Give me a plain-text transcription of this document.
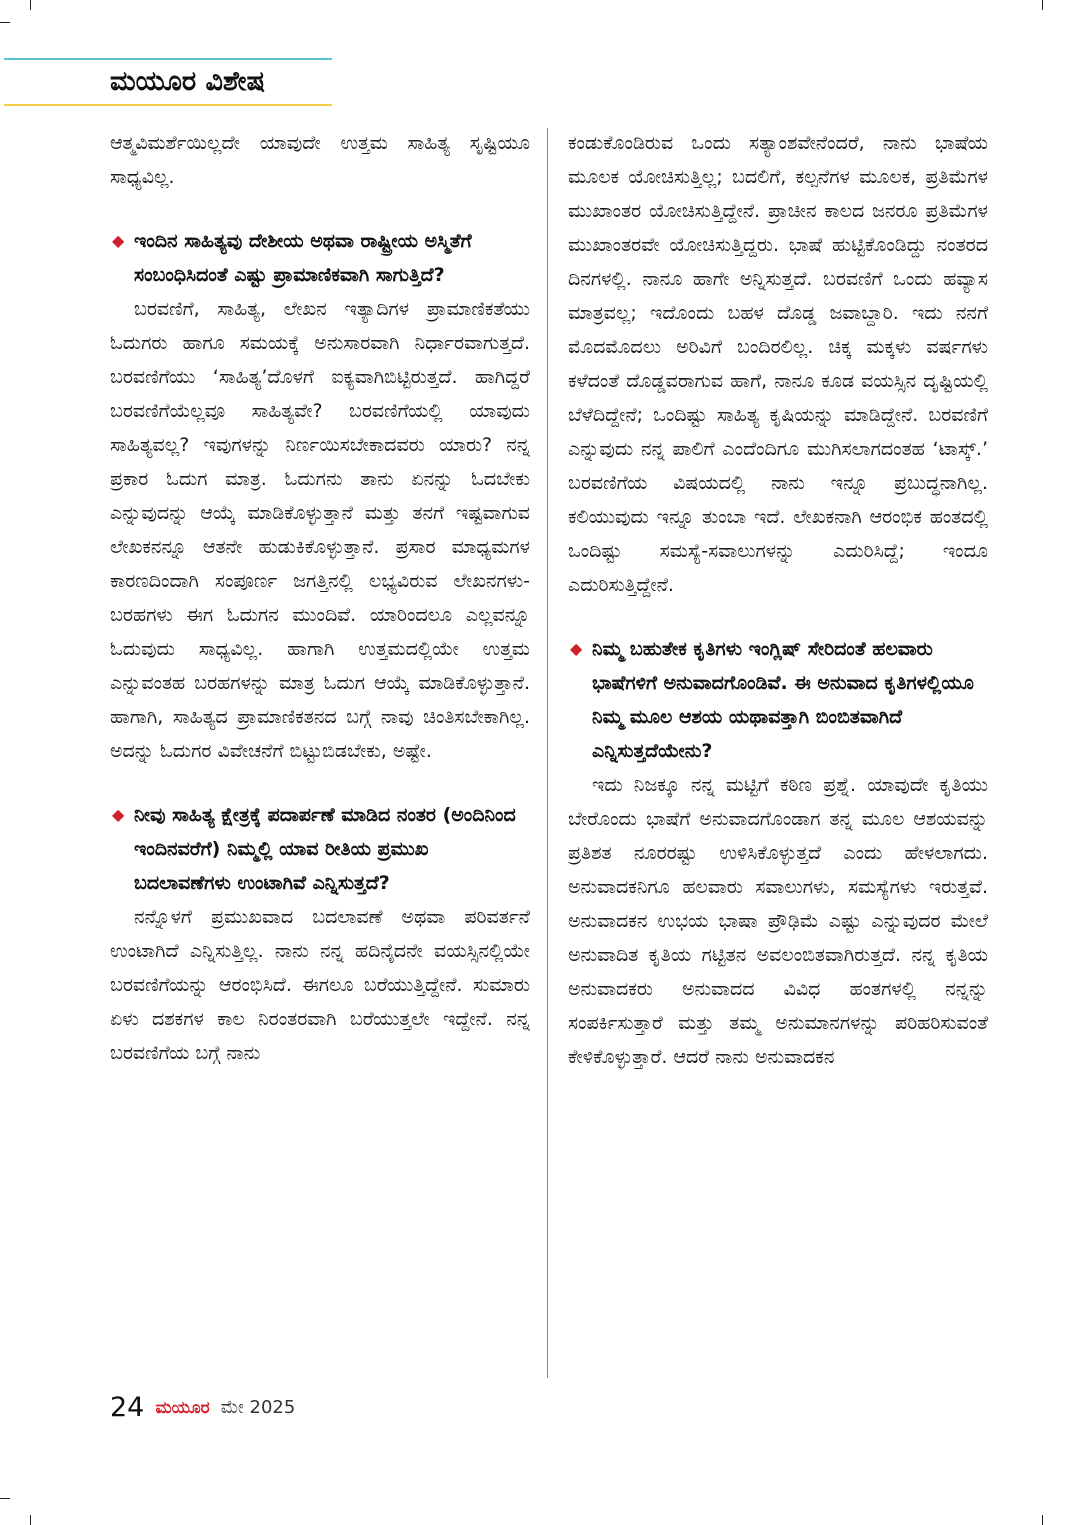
ಮಯೂರ ವಿಶೇಷ

ಆತ್ಮವಿಮರ್ಶೆಯಿಲ್ಲದೇ ಯಾವುದೇ ಉತ್ತಮ ಸಾಹಿತ್ಯ ಸೃಷ್ಟಿಯೂ ಸಾಧ್ಯವಿಲ್ಲ.

◆ ಇಂದಿನ ಸಾಹಿತ್ಯವು ದೇಶೀಯ ಅಥವಾ ರಾಷ್ಟ್ರೀಯ ಅಸ್ಮಿತೆಗೆ ಸಂಬಂಧಿಸಿದಂತೆ ಎಷ್ಟು ಪ್ರಾಮಾಣಿಕವಾಗಿ ಸಾಗುತ್ತಿದೆ?

ಬರವಣಿಗೆ, ಸಾಹಿತ್ಯ, ಲೇಖನ ಇತ್ಯಾದಿಗಳ ಪ್ರಾಮಾಣಿಕತೆಯು ಓದುಗರು ಹಾಗೂ ಸಮಯಕ್ಕೆ ಅನುಸಾರವಾಗಿ ನಿರ್ಧಾರವಾಗುತ್ತದೆ. ಬರವಣಿಗೆಯು ‘ಸಾಹಿತ್ಯ’ದೊಳಗೆ ಐಕ್ಯವಾಗಿಬಿಟ್ಟಿರುತ್ತದೆ. ಹಾಗಿದ್ದರೆ ಬರವಣಿಗೆಯೆಲ್ಲವೂ ಸಾಹಿತ್ಯವೇ? ಬರವಣಿಗೆಯಲ್ಲಿ ಯಾವುದು ಸಾಹಿತ್ಯವಲ್ಲ? ಇವುಗಳನ್ನು ನಿರ್ಣಯಿಸಬೇಕಾದವರು ಯಾರು? ನನ್ನ ಪ್ರಕಾರ ಓದುಗ ಮಾತ್ರ. ಓದುಗನು ತಾನು ಏನನ್ನು ಓದಬೇಕು ಎನ್ನುವುದನ್ನು ಆಯ್ಕೆ ಮಾಡಿಕೊಳ್ಳುತ್ತಾನೆ ಮತ್ತು ತನಗೆ ಇಷ್ಟವಾಗುವ ಲೇಖಕನನ್ನೂ ಆತನೇ ಹುಡುಕಿಕೊಳ್ಳುತ್ತಾನೆ. ಪ್ರಸಾರ ಮಾಧ್ಯಮಗಳ ಕಾರಣದಿಂದಾಗಿ ಸಂಪೂರ್ಣ ಜಗತ್ತಿನಲ್ಲಿ ಲಭ್ಯವಿರುವ ಲೇಖನಗಳು-ಬರಹಗಳು ಈಗ ಓದುಗನ ಮುಂದಿವೆ. ಯಾರಿಂದಲೂ ಎಲ್ಲವನ್ನೂ ಓದುವುದು ಸಾಧ್ಯವಿಲ್ಲ. ಹಾಗಾಗಿ ಉತ್ತಮದಲ್ಲಿಯೇ ಉತ್ತಮ ಎನ್ನುವಂತಹ ಬರಹಗಳನ್ನು ಮಾತ್ರ ಓದುಗ ಆಯ್ಕೆ ಮಾಡಿಕೊಳ್ಳುತ್ತಾನೆ. ಹಾಗಾಗಿ, ಸಾಹಿತ್ಯದ ಪ್ರಾಮಾಣಿಕತನದ ಬಗ್ಗೆ ನಾವು ಚಿಂತಿಸಬೇಕಾಗಿಲ್ಲ. ಅದನ್ನು ಓದುಗರ ವಿವೇಚನೆಗೆ ಬಿಟ್ಟುಬಿಡಬೇಕು, ಅಷ್ಟೇ.

◆ ನೀವು ಸಾಹಿತ್ಯ ಕ್ಷೇತ್ರಕ್ಕೆ ಪದಾರ್ಪಣೆ ಮಾಡಿದ ನಂತರ (ಅಂದಿನಿಂದ ಇಂದಿನವರೆಗೆ) ನಿಮ್ಮಲ್ಲಿ ಯಾವ ರೀತಿಯ ಪ್ರಮುಖ ಬದಲಾವಣೆಗಳು ಉಂಟಾಗಿವೆ ಎನ್ನಿಸುತ್ತದೆ?

ನನ್ನೊಳಗೆ ಪ್ರಮುಖವಾದ ಬದಲಾವಣೆ ಅಥವಾ ಪರಿವರ್ತನೆ ಉಂಟಾಗಿದೆ ಎನ್ನಿಸುತ್ತಿಲ್ಲ. ನಾನು ನನ್ನ ಹದಿನೈದನೇ ವಯಸ್ಸಿನಲ್ಲಿಯೇ ಬರವಣಿಗೆಯನ್ನು ಆರಂಭಿಸಿದೆ. ಈಗಲೂ ಬರೆಯುತ್ತಿದ್ದೇನೆ. ಸುಮಾರು ಏಳು ದಶಕಗಳ ಕಾಲ ನಿರಂತರವಾಗಿ ಬರೆಯುತ್ತಲೇ ಇದ್ದೇನೆ. ನನ್ನ ಬರವಣಿಗೆಯ ಬಗ್ಗೆ ನಾನು

ಕಂಡುಕೊಂಡಿರುವ ಒಂದು ಸತ್ಯಾಂಶವೇನೆಂದರೆ, ನಾನು ಭಾಷೆಯ ಮೂಲಕ ಯೋಚಿಸುತ್ತಿಲ್ಲ; ಬದಲಿಗೆ, ಕಲ್ಪನೆಗಳ ಮೂಲಕ, ಪ್ರತಿಮೆಗಳ ಮುಖಾಂತರ ಯೋಚಿಸುತ್ತಿದ್ದೇನೆ. ಪ್ರಾಚೀನ ಕಾಲದ ಜನರೂ ಪ್ರತಿಮೆಗಳ ಮುಖಾಂತರವೇ ಯೋಚಿಸುತ್ತಿದ್ದರು. ಭಾಷೆ ಹುಟ್ಟಿಕೊಂಡಿದ್ದು ನಂತರದ ದಿನಗಳಲ್ಲಿ. ನಾನೂ ಹಾಗೇ ಅನ್ನಿಸುತ್ತದೆ. ಬರವಣಿಗೆ ಒಂದು ಹವ್ಯಾಸ ಮಾತ್ರವಲ್ಲ; ಇದೊಂದು ಬಹಳ ದೊಡ್ಡ ಜವಾಬ್ದಾರಿ. ಇದು ನನಗೆ ಮೊದಮೊದಲು ಅರಿವಿಗೆ ಬಂದಿರಲಿಲ್ಲ. ಚಿಕ್ಕ ಮಕ್ಕಳು ವರ್ಷಗಳು ಕಳೆದಂತೆ ದೊಡ್ಡವರಾಗುವ ಹಾಗೆ, ನಾನೂ ಕೂಡ ವಯಸ್ಸಿನ ದೃಷ್ಟಿಯಲ್ಲಿ ಬೆಳೆದಿದ್ದೇನೆ; ಒಂದಿಷ್ಟು ಸಾಹಿತ್ಯ ಕೃಷಿಯನ್ನು ಮಾಡಿದ್ದೇನೆ. ಬರವಣಿಗೆ ಎನ್ನುವುದು ನನ್ನ ಪಾಲಿಗೆ ಎಂದೆಂದಿಗೂ ಮುಗಿಸಲಾಗದಂತಹ ‘ಟಾಸ್ಕ್.’ ಬರವಣಿಗೆಯ ವಿಷಯದಲ್ಲಿ ನಾನು ಇನ್ನೂ ಪ್ರಬುದ್ಧನಾಗಿಲ್ಲ. ಕಲಿಯುವುದು ಇನ್ನೂ ತುಂಬಾ ಇದೆ. ಲೇಖಕನಾಗಿ ಆರಂಭಿಕ ಹಂತದಲ್ಲಿ ಒಂದಿಷ್ಟು ಸಮಸ್ಯೆ-ಸವಾಲುಗಳನ್ನು ಎದುರಿಸಿದ್ದೆ; ಇಂದೂ ಎದುರಿಸುತ್ತಿದ್ದೇನೆ.

◆ ನಿಮ್ಮ ಬಹುತೇಕ ಕೃತಿಗಳು ಇಂಗ್ಲಿಷ್ ಸೇರಿದಂತೆ ಹಲವಾರು ಭಾಷೆಗಳಿಗೆ ಅನುವಾದಗೊಂಡಿವೆ. ಈ ಅನುವಾದ ಕೃತಿಗಳಲ್ಲಿಯೂ ನಿಮ್ಮ ಮೂಲ ಆಶಯ ಯಥಾವತ್ತಾಗಿ ಬಿಂಬಿತವಾಗಿದೆ ಎನ್ನಿಸುತ್ತದೆಯೇನು?

ಇದು ನಿಜಕ್ಕೂ ನನ್ನ ಮಟ್ಟಿಗೆ ಕಠಿಣ ಪ್ರಶ್ನೆ. ಯಾವುದೇ ಕೃತಿಯು ಬೇರೊಂದು ಭಾಷೆಗೆ ಅನುವಾದಗೊಂಡಾಗ ತನ್ನ ಮೂಲ ಆಶಯವನ್ನು ಪ್ರತಿಶತ ನೂರರಷ್ಟು ಉಳಿಸಿಕೊಳ್ಳುತ್ತದೆ ಎಂದು ಹೇಳಲಾಗದು. ಅನುವಾದಕನಿಗೂ ಹಲವಾರು ಸವಾಲುಗಳು, ಸಮಸ್ಯೆಗಳು ಇರುತ್ತವೆ. ಅನುವಾದಕನ ಉಭಯ ಭಾಷಾ ಪ್ರೌಢಿಮೆ ಎಷ್ಟು ಎನ್ನುವುದರ ಮೇಲೆ ಅನುವಾದಿತ ಕೃತಿಯ ಗಟ್ಟಿತನ ಅವಲಂಬಿತವಾಗಿರುತ್ತದೆ. ನನ್ನ ಕೃತಿಯ ಅನುವಾದಕರು ಅನುವಾದದ ವಿವಿಧ ಹಂತಗಳಲ್ಲಿ ನನ್ನನ್ನು ಸಂಪರ್ಕಿಸುತ್ತಾರೆ ಮತ್ತು ತಮ್ಮ ಅನುಮಾನಗಳನ್ನು ಪರಿಹರಿಸುವಂತೆ ಕೇಳಿಕೊಳ್ಳುತ್ತಾರೆ. ಆದರೆ ನಾನು ಅನುವಾದಕನ

24 ಮಯೂರ ಮೇ 2025
